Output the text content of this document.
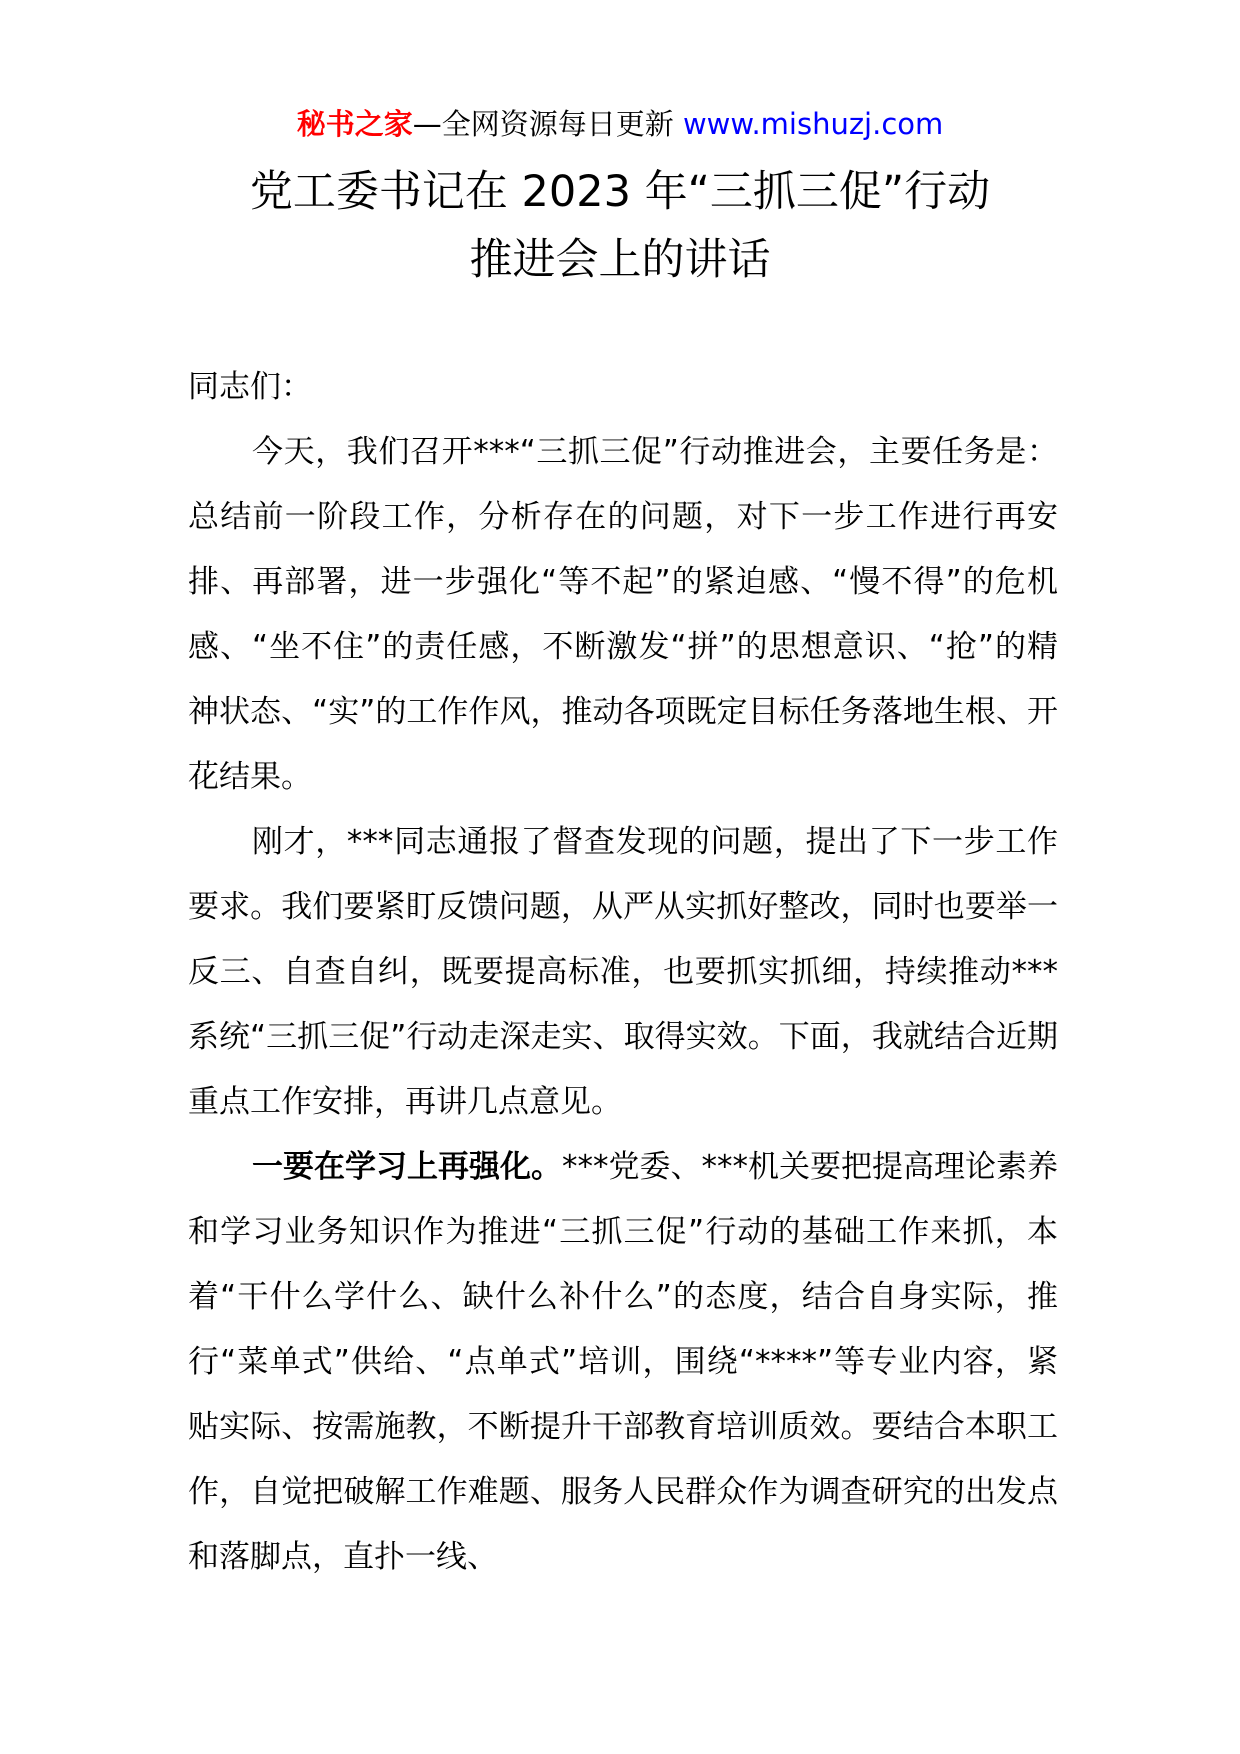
秘书之家—全网资源每日更新 www.mishuzj.com
党工委书记在 2023 年“三抓三促”行动
推进会上的讲话

同志们：

今天，我们召开***“三抓三促”行动推进会，主要任务是：总结前一阶段工作，分析存在的问题，对下一步工作进行再安排、再部署，进一步强化“等不起”的紧迫感、“慢不得”的危机感、“坐不住”的责任感，不断激发“拼”的思想意识、“抢”的精神状态、“实”的工作作风，推动各项既定目标任务落地生根、开花结果。

刚才，***同志通报了督查发现的问题，提出了下一步工作要求。我们要紧盯反馈问题，从严从实抓好整改，同时也要举一反三、自查自纠，既要提高标准，也要抓实抓细，持续推动***系统“三抓三促”行动走深走实、取得实效。下面，我就结合近期重点工作安排，再讲几点意见。

一要在学习上再强化。***党委、***机关要把提高理论素养和学习业务知识作为推进“三抓三促”行动的基础工作来抓，本着“干什么学什么、缺什么补什么”的态度，结合自身实际，推行“菜单式”供给、“点单式”培训，围绕“****”等专业内容，紧贴实际、按需施教，不断提升干部教育培训质效。要结合本职工作，自觉把破解工作难题、服务人民群众作为调查研究的出发点和落脚点，直扑一线、
